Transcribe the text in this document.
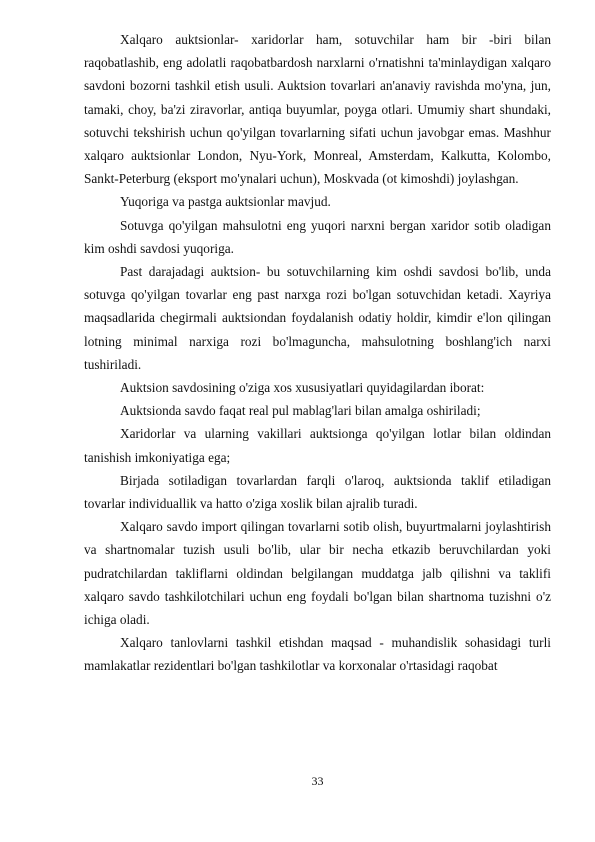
Xalqaro auktsionlar- xaridorlar ham, sotuvchilar ham bir -biri bilan raqobatlashib, eng adolatli raqobatbardosh narxlarni o'rnatishni ta'minlaydigan xalqaro savdoni bozorni tashkil etish usuli. Auktsion tovarlari an'anaviy ravishda mo'yna, jun, tamaki, choy, ba'zi ziravorlar, antiqa buyumlar, poyga otlari. Umumiy shart shundaki, sotuvchi tekshirish uchun qo'yilgan tovarlarning sifati uchun javobgar emas. Mashhur xalqaro auktsionlar London, Nyu-York, Monreal, Amsterdam, Kalkutta, Kolombo, Sankt-Peterburg (eksport mo'ynalari uchun), Moskvada (ot kimoshdi) joylashgan.

Yuqoriga va pastga auktsionlar mavjud.

Sotuvga qo'yilgan mahsulotni eng yuqori narxni bergan xaridor sotib oladigan kim oshdi savdosi yuqoriga.

Past darajadagi auktsion- bu sotuvchilarning kim oshdi savdosi bo'lib, unda sotuvga qo'yilgan tovarlar eng past narxga rozi bo'lgan sotuvchidan ketadi. Xayriya maqsadlarida chegirmali auktsiondan foydalanish odatiy holdir, kimdir e'lon qilingan lotning minimal narxiga rozi bo'lmaguncha, mahsulotning boshlang'ich narxi tushiriladi.

Auktsion savdosining o'ziga xos xususiyatlari quyidagilardan iborat:

Auktsionda savdo faqat real pul mablag'lari bilan amalga oshiriladi;

Xaridorlar va ularning vakillari auktsionga qo'yilgan lotlar bilan oldindan tanishish imkoniyatiga ega;

Birjada sotiladigan tovarlardan farqli o'laroq, auktsionda taklif etiladigan tovarlar individuallik va hatto o'ziga xoslik bilan ajralib turadi.

Xalqaro savdo import qilingan tovarlarni sotib olish, buyurtmalarni joylashtirish va shartnomalar tuzish usuli bo'lib, ular bir necha etkazib beruvchilardan yoki pudratchilardan takliflarni oldindan belgilangan muddatga jalb qilishni va taklifi xalqaro savdo tashkilotchilari uchun eng foydali bo'lgan bilan shartnoma tuzishni o'z ichiga oladi.

Xalqaro tanlovlarni tashkil etishdan maqsad - muhandislik sohasidagi turli mamlakatlar rezidentlari bo'lgan tashkilotlar va korxonalar o'rtasidagi raqobat

33
